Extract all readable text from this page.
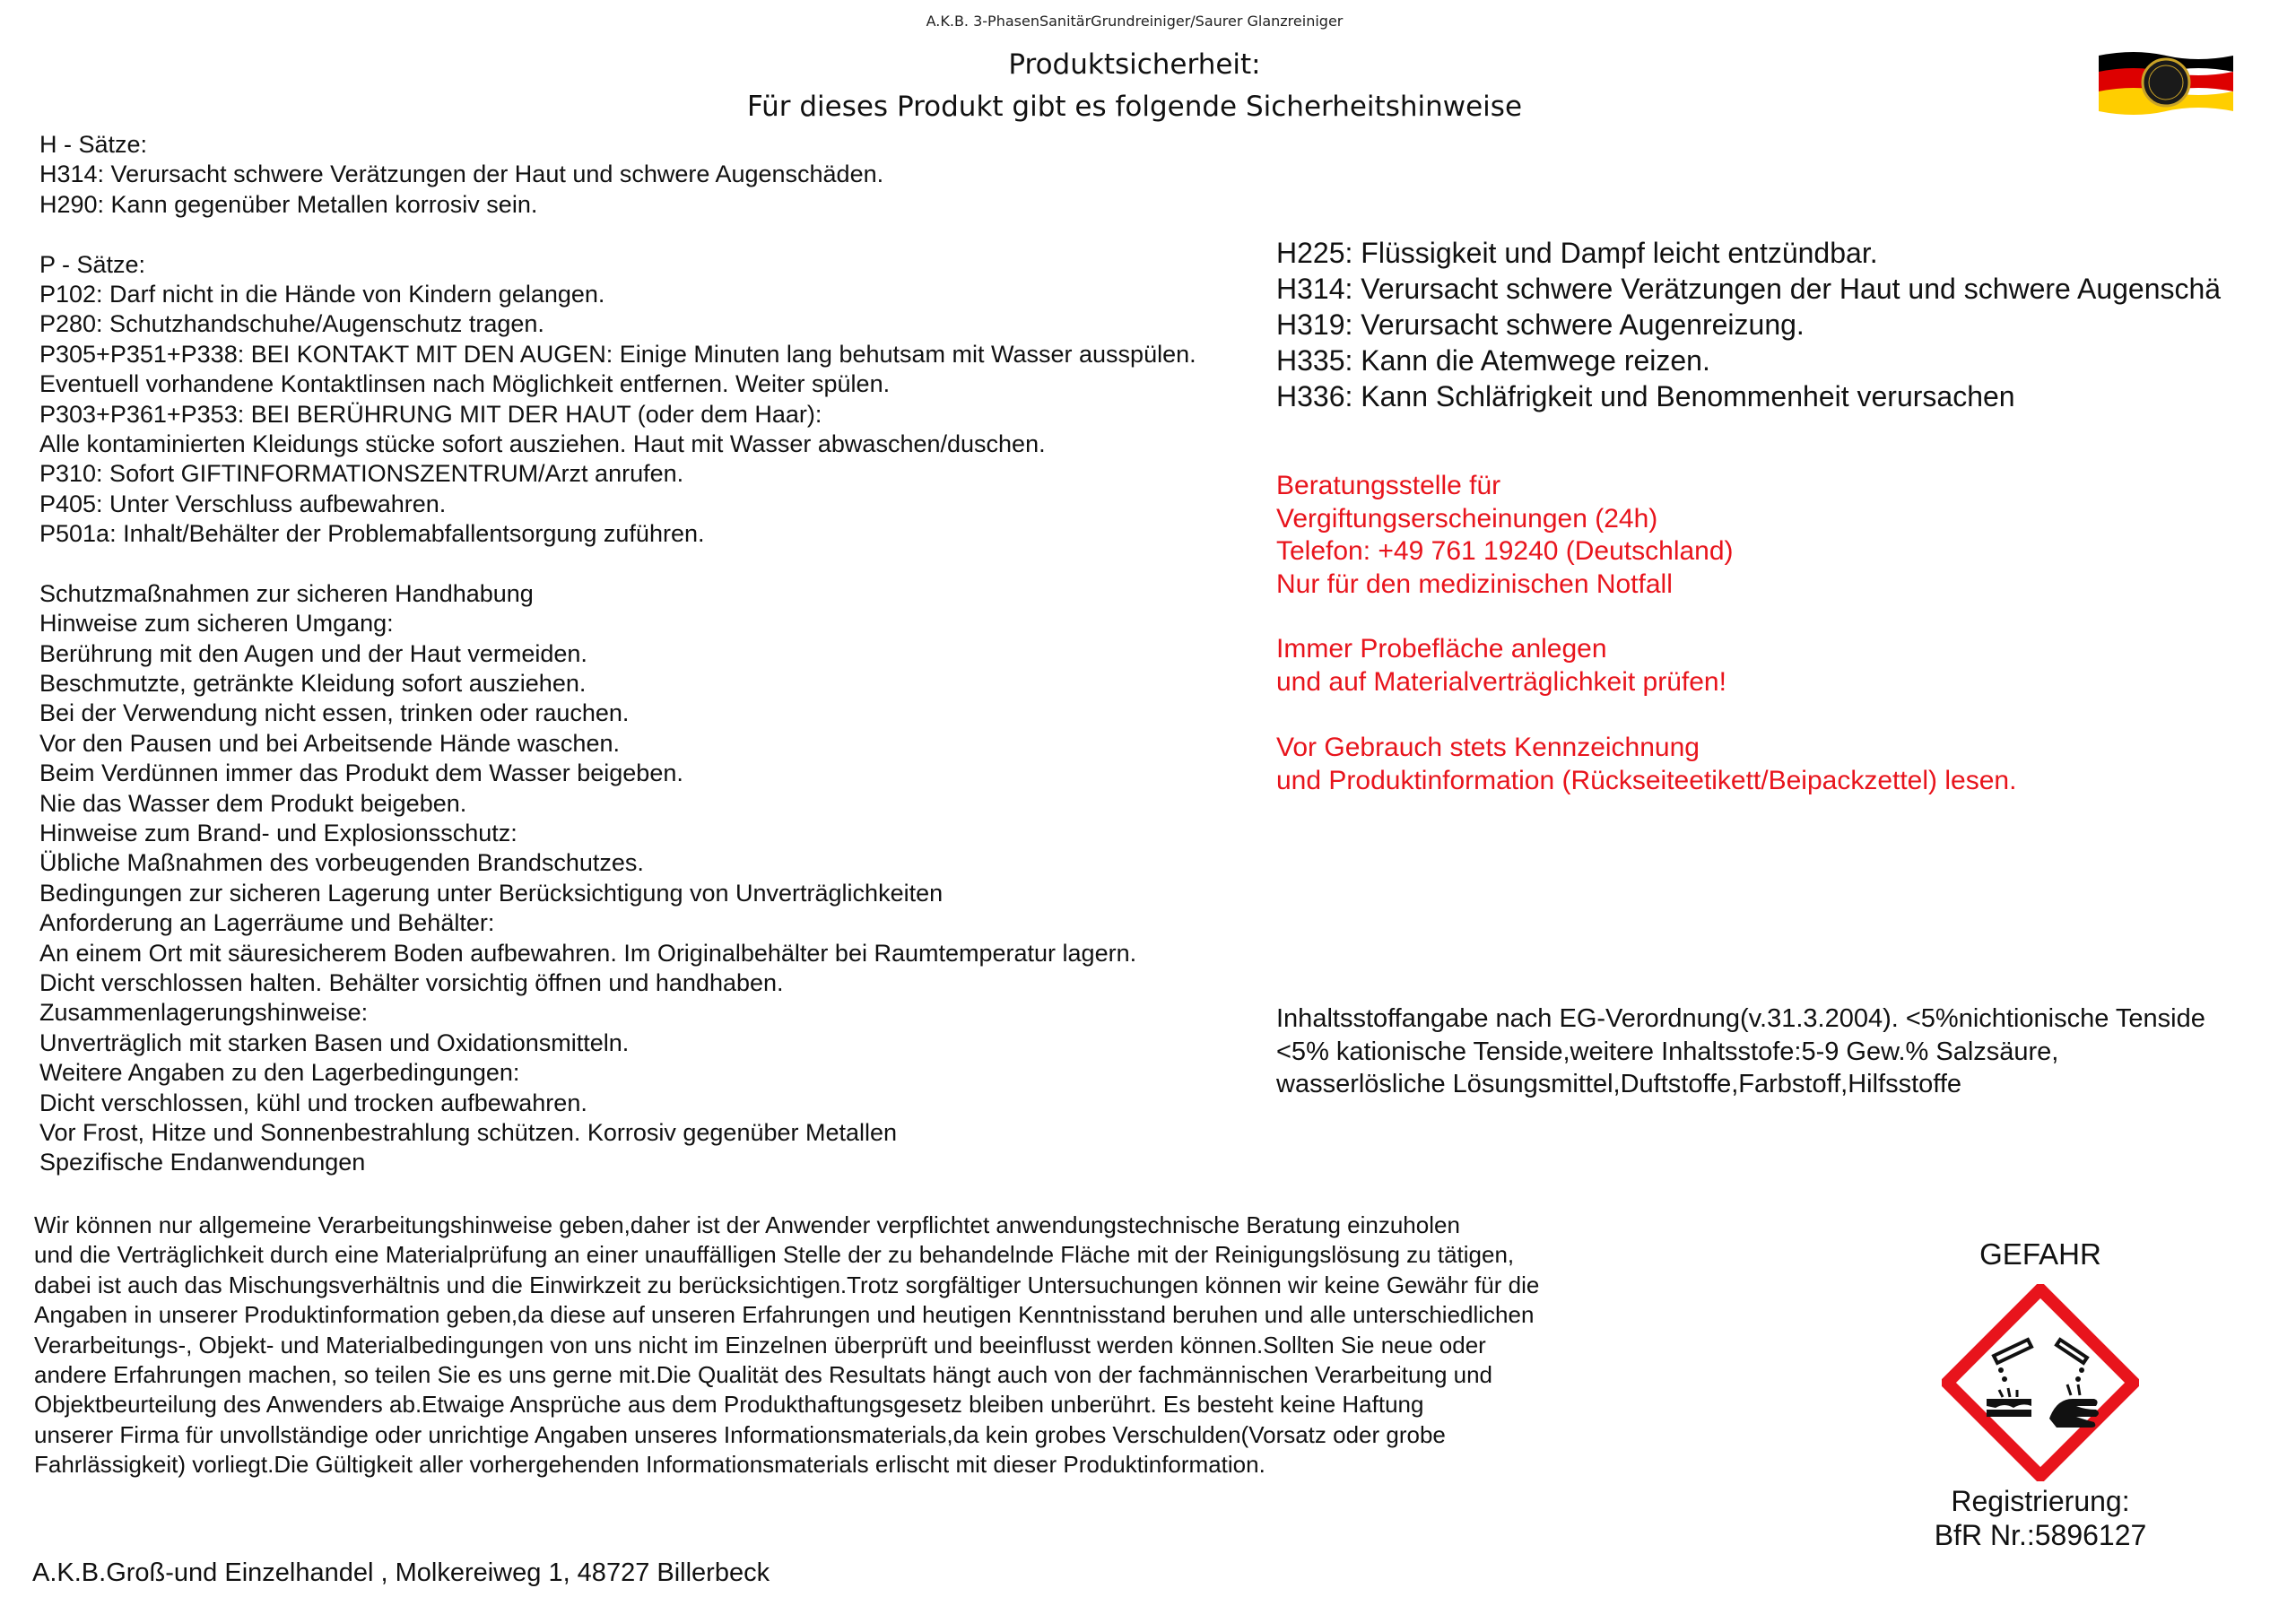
A.K.B. 3-PhasenSanitärGrundreiniger/Saurer Glanzreiniger
Produktsicherheit:
Für dieses Produkt gibt es folgende Sicherheitshinweise
H - Sätze:
H314: Verursacht schwere Verätzungen der Haut und schwere Augenschäden.
H290: Kann gegenüber Metallen korrosiv sein.
P - Sätze:
P102: Darf nicht in die Hände von Kindern gelangen.
P280: Schutzhandschuhe/Augenschutz tragen.
P305+P351+P338: BEI KONTAKT MIT DEN AUGEN: Einige Minuten lang behutsam mit Wasser ausspülen.
Eventuell vorhandene Kontaktlinsen nach Möglichkeit entfernen. Weiter spülen.
P303+P361+P353: BEI BERÜHRUNG MIT DER HAUT (oder dem Haar):
Alle kontaminierten Kleidungs stücke sofort ausziehen. Haut mit Wasser abwaschen/duschen.
P310: Sofort GIFTINFORMATIONSZENTRUM/Arzt anrufen.
P405: Unter Verschluss aufbewahren.
P501a: Inhalt/Behälter der Problemabfallentsorgung zuführen.
Schutzmaßnahmen zur sicheren Handhabung
Hinweise zum sicheren Umgang:
Berührung mit den Augen und der Haut vermeiden.
Beschmutzte, getränkte Kleidung sofort ausziehen.
Bei der Verwendung nicht essen, trinken oder rauchen.
Vor den Pausen und bei Arbeitsende Hände waschen.
Beim Verdünnen immer das Produkt dem Wasser beigeben.
Nie das Wasser dem Produkt beigeben.
Hinweise zum Brand- und Explosionsschutz:
Übliche Maßnahmen des vorbeugenden Brandschutzes.
Bedingungen zur sicheren Lagerung unter Berücksichtigung von Unverträglichkeiten
Anforderung an Lagerräume und Behälter:
An einem Ort mit säuresicherem Boden aufbewahren. Im Originalbehälter bei Raumtemperatur lagern.
Dicht verschlossen halten. Behälter vorsichtig öffnen und handhaben.
Zusammenlagerungshinweise:
Unverträglich mit starken Basen und Oxidationsmitteln.
Weitere Angaben zu den Lagerbedingungen:
Dicht verschlossen, kühl und trocken aufbewahren.
Vor Frost, Hitze und Sonnenbestrahlung schützen. Korrosiv gegenüber Metallen
Spezifische Endanwendungen
H225: Flüssigkeit und Dampf leicht entzündbar.
H314: Verursacht schwere Verätzungen der Haut und schwere Augenschä
H319: Verursacht schwere Augenreizung.
H335: Kann die Atemwege reizen.
H336: Kann Schläfrigkeit und Benommenheit verursachen
Beratungsstelle für
Vergiftungserscheinungen (24h)
Telefon: +49 761 19240 (Deutschland)
Nur für den medizinischen Notfall
Immer Probefläche anlegen
und auf Materialverträglichkeit prüfen!
Vor Gebrauch stets Kennzeichnung
und Produktinformation (Rückseiteetikett/Beipackzettel) lesen.
Inhaltsstoffangabe nach EG-Verordnung(v.31.3.2004). <5%nichtionische Tenside
<5% kationische Tenside,weitere Inhaltsstofe:5-9 Gew.% Salzsäure,
wasserlösliche Lösungsmittel,Duftstoffe,Farbstoff,Hilfsstoffe
Wir können nur allgemeine Verarbeitungshinweise geben,daher ist der Anwender verpflichtet anwendungstechnische Beratung einzuholen
und die Verträglichkeit durch eine Materialprüfung an einer unauffälligen Stelle der zu behandelnde Fläche mit der Reinigungslösung zu tätigen,
dabei ist auch das Mischungsverhältnis und die Einwirkzeit zu berücksichtigen.Trotz sorgfältiger Untersuchungen können wir keine Gewähr für die
Angaben in unserer Produktinformation geben,da diese auf unseren Erfahrungen und heutigen Kenntnisstand beruhen und alle unterschiedlichen
Verarbeitungs-, Objekt- und Materialbedingungen von uns nicht im Einzelnen überprüft und beeinflusst werden können.Sollten Sie neue oder
andere Erfahrungen machen, so teilen Sie es uns gerne mit.Die Qualität des Resultats hängt auch von der fachmännischen Verarbeitung und
Objektbeurteilung des Anwenders ab.Etwaige Ansprüche aus dem Produkthaftungsgesetz bleiben unberührt. Es besteht keine Haftung
unserer Firma für unvollständige oder unrichtige Angaben unseres Informationsmaterials,da kein grobes Verschulden(Vorsatz oder grobe
Fahrlässigkeit) vorliegt.Die Gültigkeit aller vorhergehenden Informationsmaterials erlischt mit dieser Produktinformation.
GEFAHR
Registrierung:
BfR Nr.:5896127
A.K.B.Groß-und Einzelhandel , Molkereiweg 1, 48727 Billerbeck
